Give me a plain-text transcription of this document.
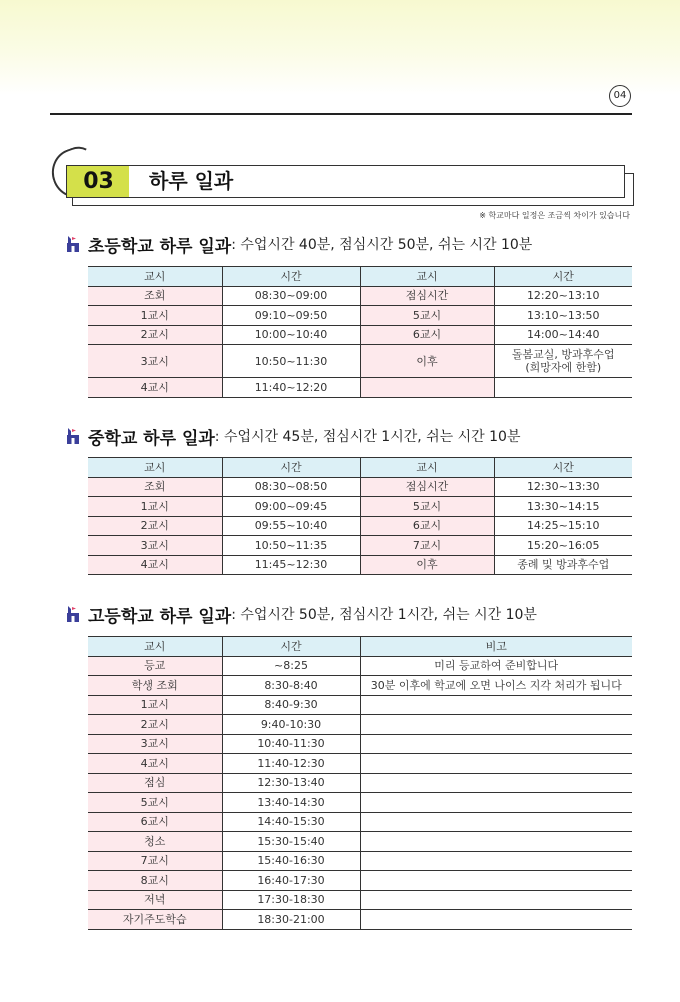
04
03	하루 일과
※ 학교마다 일정은 조금씩 차이가 있습니다
초등학교 하루 일과 : 수업시간 40분, 점심시간 50분, 쉬는 시간 10분
교시	시간	교시	시간
조회	08:30~09:00	점심시간	12:20~13:10
1교시	09:10~09:50	5교시	13:10~13:50
2교시	10:00~10:40	6교시	14:00~14:40
3교시	10:50~11:30	이후	돌봄교실, 방과후수업
(희망자에 한함)
4교시	11:40~12:20		
중학교 하루 일과 : 수업시간 45분, 점심시간 1시간, 쉬는 시간 10분
교시	시간	교시	시간
조회	08:30~08:50	점심시간	12:30~13:30
1교시	09:00~09:45	5교시	13:30~14:15
2교시	09:55~10:40	6교시	14:25~15:10
3교시	10:50~11:35	7교시	15:20~16:05
4교시	11:45~12:30	이후	종례 및 방과후수업
고등학교 하루 일과 : 수업시간 50분, 점심시간 1시간, 쉬는 시간 10분
교시	시간	비고
등교	~8:25	미리 등교하여 준비합니다
학생 조회	8:30-8:40	30분 이후에 학교에 오면 나이스 지각 처리가 됩니다
1교시	8:40-9:30	
2교시	9:40-10:30	
3교시	10:40-11:30	
4교시	11:40-12:30	
점심	12:30-13:40	
5교시	13:40-14:30	
6교시	14:40-15:30	
청소	15:30-15:40	
7교시	15:40-16:30	
8교시	16:40-17:30	
저녁	17:30-18:30	
자기주도학습	18:30-21:00	
